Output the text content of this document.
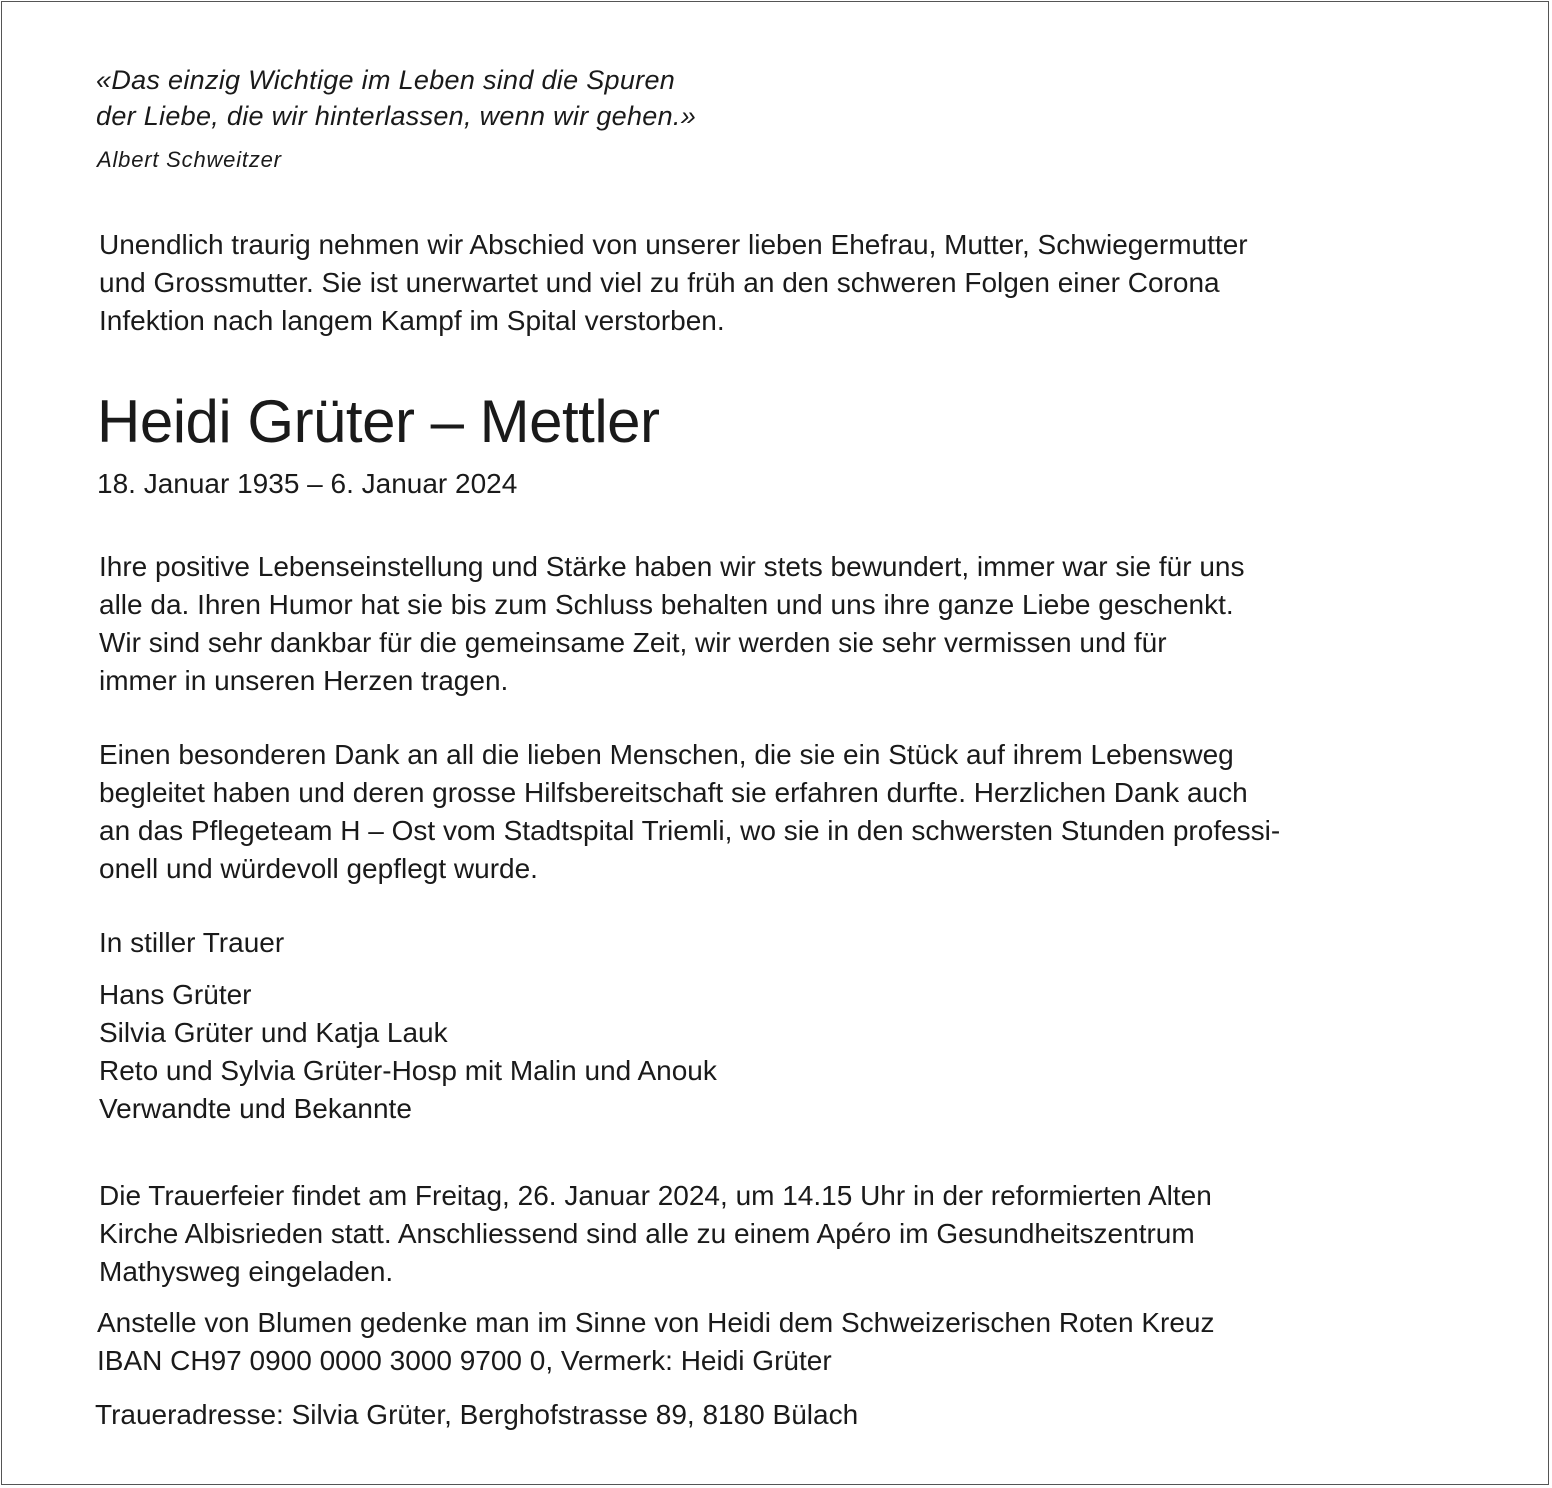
«Das einzig Wichtige im Leben sind die Spuren
der Liebe, die wir hinterlassen, wenn wir gehen.»
Albert Schweitzer
Unendlich traurig nehmen wir Abschied von unserer lieben Ehefrau, Mutter, Schwiegermutter
und Grossmutter. Sie ist unerwartet und viel zu früh an den schweren Folgen einer Corona
Infektion nach langem Kampf im Spital verstorben.
Heidi Grüter – Mettler
18. Januar 1935 – 6. Januar 2024
Ihre positive Lebenseinstellung und Stärke haben wir stets bewundert, immer war sie für uns
alle da. Ihren Humor hat sie bis zum Schluss behalten und uns ihre ganze Liebe geschenkt.
Wir sind sehr dankbar für die gemeinsame Zeit, wir werden sie sehr vermissen und für
immer in unseren Herzen tragen.
Einen besonderen Dank an all die lieben Menschen, die sie ein Stück auf ihrem Lebensweg
begleitet haben und deren grosse Hilfsbereitschaft sie erfahren durfte. Herzlichen Dank auch
an das Pflegeteam H – Ost vom Stadtspital Triemli, wo sie in den schwersten Stunden professi-
onell und würdevoll gepflegt wurde.
In stiller Trauer
Hans Grüter
Silvia Grüter und Katja Lauk
Reto und Sylvia Grüter-Hosp mit Malin und Anouk
Verwandte und Bekannte
Die Trauerfeier findet am Freitag, 26. Januar 2024, um 14.15 Uhr in der reformierten Alten
Kirche Albisrieden statt. Anschliessend sind alle zu einem Apéro im Gesundheitszentrum
Mathysweg eingeladen.
Anstelle von Blumen gedenke man im Sinne von Heidi dem Schweizerischen Roten Kreuz
IBAN CH97 0900 0000 3000 9700 0, Vermerk: Heidi Grüter
Traueradresse: Silvia Grüter, Berghofstrasse 89, 8180 Bülach
